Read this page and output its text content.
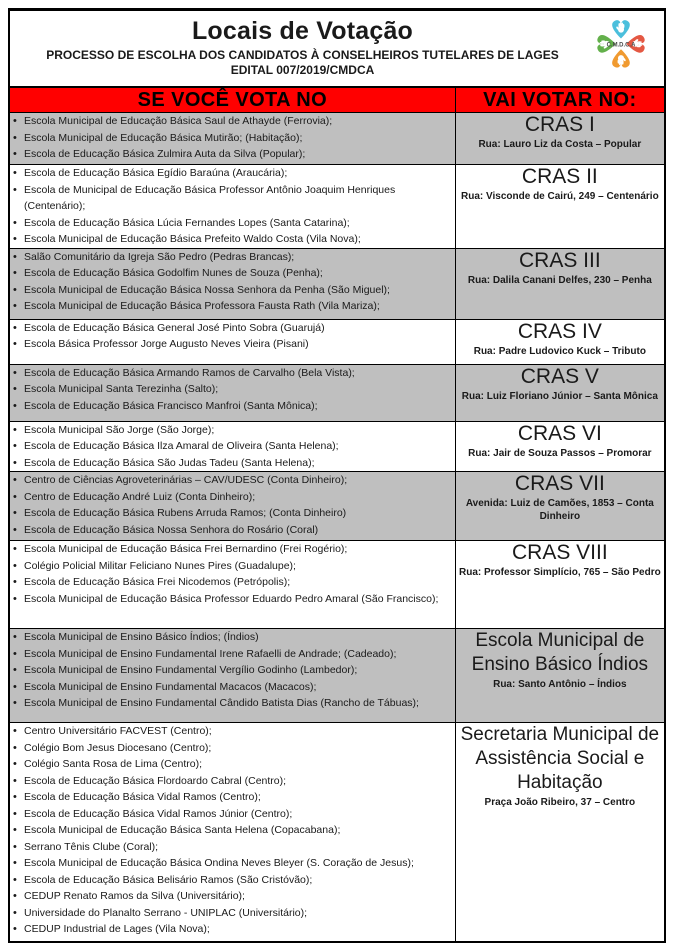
Locais de Votação
PROCESSO DE ESCOLHA DOS CANDIDATOS À CONSELHEIROS TUTELARES DE LAGES
EDITAL 007/2019/CMDCA
C.M.D.C.A
SE VOCÊ VOTA NO	VAI VOTAR NO:

• Escola Municipal de Educação Básica Saul de Athayde (Ferrovia);
• Escola Municipal de Educação Básica Mutirão; (Habitação);
• Escola de Educação Básica Zulmira Auta da Silva (Popular);

CRAS I
Rua: Lauro Liz da Costa – Popular

• Escola de Educação Básica Egídio Baraúna (Araucária);
• Escola de Municipal de Educação Básica Professor Antônio Joaquim Henriques (Centenário);
• Escola de Educação Básica Lúcia Fernandes Lopes (Santa Catarina);
• Escola Municipal de Educação Básica Prefeito Waldo Costa (Vila Nova);

CRAS II
Rua: Visconde de Cairú, 249 – Centenário

• Salão Comunitário da Igreja São Pedro (Pedras Brancas);
• Escola de Educação Básica Godolfim Nunes de Souza (Penha);
• Escola Municipal de Educação Básica Nossa Senhora da Penha (São Miguel);
• Escola Municipal de Educação Básica Professora Fausta Rath (Vila Mariza);

CRAS III
Rua: Dalila Canani Delfes, 230 – Penha

• Escola de Educação Básica General José Pinto Sobra (Guarujá)
• Escola Básica Professor Jorge Augusto Neves Vieira (Pisani)

CRAS IV
Rua: Padre Ludovico Kuck – Tributo

• Escola de Educação Básica Armando Ramos de Carvalho (Bela Vista);
• Escola Municipal Santa Terezinha (Salto);
• Escola de Educação Básica Francisco Manfroi (Santa Mônica);

CRAS V
Rua: Luiz Floriano Júnior – Santa Mônica

• Escola Municipal São Jorge (São Jorge);
• Escola de Educação Básica Ilza Amaral de Oliveira (Santa Helena);
• Escola de Educação Básica São Judas Tadeu (Santa Helena);

CRAS VI
Rua: Jair de Souza Passos – Promorar

• Centro de Ciências Agroveterinárias – CAV/UDESC (Conta Dinheiro);
• Centro de Educação André Luiz (Conta Dinheiro);
• Escola de Educação Básica Rubens Arruda Ramos; (Conta Dinheiro)
• Escola de Educação Básica Nossa Senhora do Rosário (Coral)

CRAS VII
Avenida: Luiz de Camões, 1853 – Conta Dinheiro

• Escola Municipal de Educação Básica Frei Bernardino (Frei Rogério);
• Colégio Policial Militar Feliciano Nunes Pires (Guadalupe);
• Escola de Educação Básica Frei Nicodemos (Petrópolis);
• Escola Municipal de Educação Básica Professor Eduardo Pedro Amaral (São Francisco);

CRAS VIII
Rua: Professor Simplício, 765 – São Pedro

• Escola Municipal de Ensino Básico Índios; (Índios)
• Escola Municipal de Ensino Fundamental Irene Rafaelli de Andrade; (Cadeado);
• Escola Municipal de Ensino Fundamental Vergílio Godinho (Lambedor);
• Escola Municipal de Ensino Fundamental Macacos (Macacos);
• Escola Municipal de Ensino Fundamental Cândido Batista Dias (Rancho de Tábuas);

Escola Municipal de Ensino Básico Índios
Rua: Santo Antônio – Índios

• Centro Universitário FACVEST (Centro);
• Colégio Bom Jesus Diocesano (Centro);
• Colégio Santa Rosa de Lima (Centro);
• Escola de Educação Básica Flordoardo Cabral (Centro);
• Escola de Educação Básica Vidal Ramos (Centro);
• Escola de Educação Básica Vidal Ramos Júnior (Centro);
• Escola Municipal de Educação Básica Santa Helena (Copacabana);
• Serrano Tênis Clube (Coral);
• Escola Municipal de Educação Básica Ondina Neves Bleyer (S. Coração de Jesus);
• Escola de Educação Básica Belisário Ramos (São Cristóvão);
• CEDUP Renato Ramos da Silva (Universitário);
• Universidade do Planalto Serrano - UNIPLAC (Universitário);
• CEDUP Industrial de Lages (Vila Nova);

Secretaria Municipal de Assistência Social e Habitação
Praça João Ribeiro, 37 – Centro
